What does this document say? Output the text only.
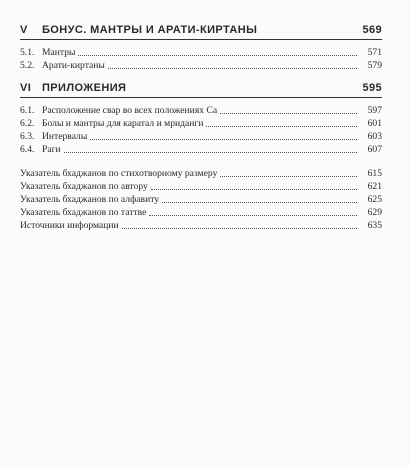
V	БОНУС. МАНТРЫ И АРАТИ-КИРТАНЫ	569
5.1. Мантры	571
5.2. Арати-киртаны	579
VI ПРИЛОЖЕНИЯ	595
6.1. Расположение свар во всех положениях Са	597
6.2. Болы и мантры для каратал и мриданги	601
6.3. Интервалы	603
6.4. Раги	607
Указатель бхаджанов по стихотворному размеру	615
Указатель бхаджанов по автору	621
Указатель бхаджанов по алфавиту	625
Указатель бхаджанов по таттве	629
Источники информации	635
